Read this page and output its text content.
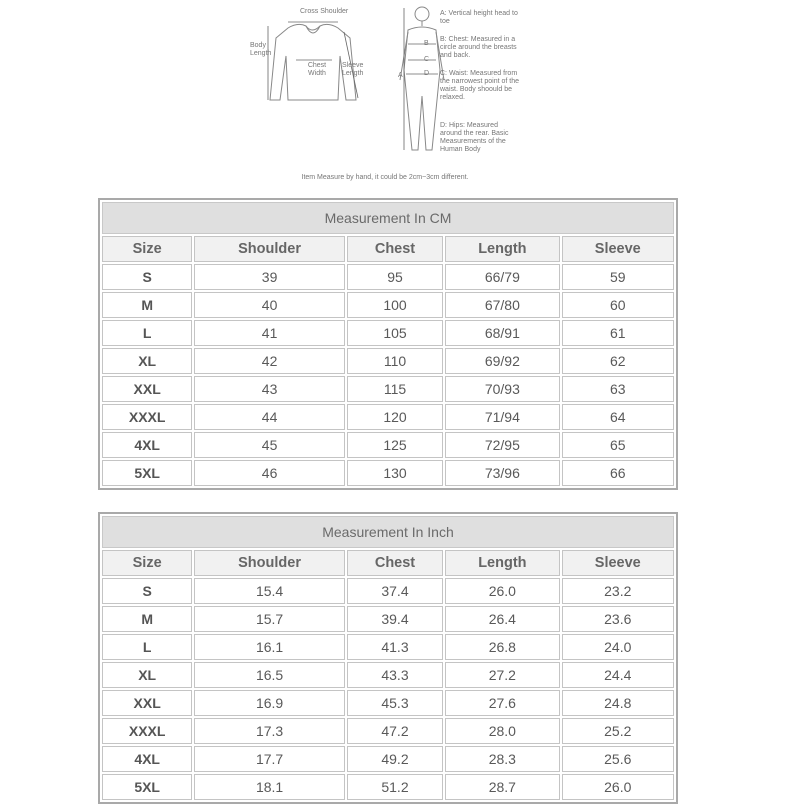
Cross Shoulder
Body Length
Chest Width
Sleeve Length	A
B
C
D
A: Vertical height head to toe
B: Chest: Measured in a circle around the breasts and back.
C: Waist: Measured from the narrowest point of the waist. Body shoould be relaxed.
D: Hips: Measured around the rear. Basic Measurements of the Human Body
Item Measure by hand, it could be 2cm~3cm different.
Measurement In CM				
Size	Shoulder	Chest	Length	Sleeve
S	39	95	66/79	59
M	40	100	67/80	60
L	41	105	68/91	61
XL	42	110	69/92	62
XXL	43	115	70/93	63
XXXL	44	120	71/94	64
4XL	45	125	72/95	65
5XL	46	130	73/96	66
Measurement In Inch				
Size	Shoulder	Chest	Length	Sleeve
S	15.4	37.4	26.0	23.2
M	15.7	39.4	26.4	23.6
L	16.1	41.3	26.8	24.0
XL	16.5	43.3	27.2	24.4
XXL	16.9	45.3	27.6	24.8
XXXL	17.3	47.2	28.0	25.2
4XL	17.7	49.2	28.3	25.6
5XL	18.1	51.2	28.7	26.0
